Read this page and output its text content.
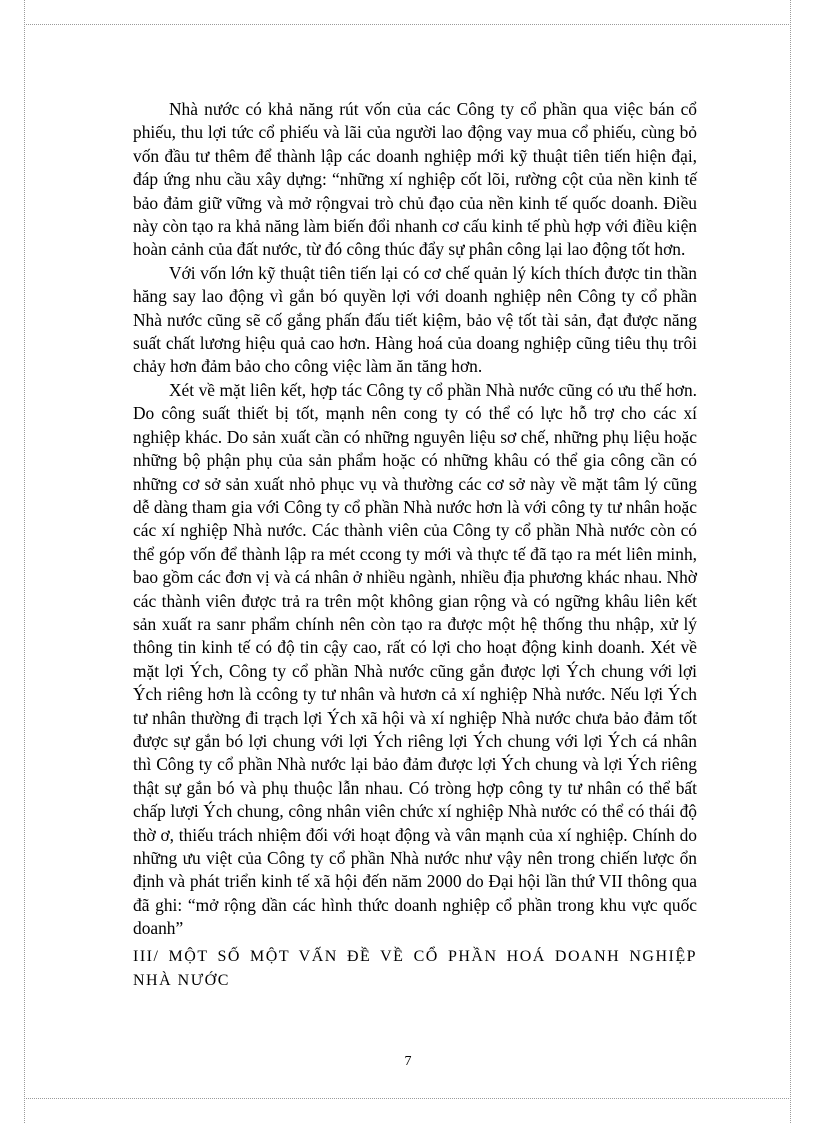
Nhà nước có khả năng rút vốn của các Công ty cổ phần qua việc bán cổ phiếu, thu lợi tức cổ phiếu và lãi của người lao động vay mua cổ phiếu, cùng bỏ vốn đầu tư thêm để thành lập các doanh nghiệp mới kỹ thuật tiên tiến hiện đại, đáp ứng nhu cầu xây dựng: “những xí nghiệp cốt lõi, rường cột của nền kinh tế bảo đảm giữ vững và mở rộngvai trò chủ đạo của nền kinh tế quốc doanh. Điều này còn tạo ra khả năng làm biến đổi nhanh cơ cấu kinh tế phù hợp với điều kiện hoàn cảnh của đất nước, từ đó công thúc đẩy sự phân công lại lao động tốt hơn.

Với vốn lớn kỹ thuật tiên tiến lại có cơ chế quản lý kích thích được tin thần hăng say lao động vì gắn bó quyền lợi với doanh nghiệp nên Công ty cổ phần Nhà nước cũng sẽ cố gắng phấn đấu tiết kiệm, bảo vệ tốt tài sản, đạt được năng suất chất lương hiệu quả cao hơn. Hàng hoá của doang nghiệp cũng tiêu thụ trôi chảy hơn đảm bảo cho công việc làm ăn tăng hơn.

Xét về mặt liên kết, hợp tác Công ty cổ phần Nhà nước cũng có ưu thế hơn. Do công suất thiết bị tốt, mạnh nên cong ty có thể có lực hỗ trợ cho các xí nghiệp khác. Do sản xuất cần có những nguyên liệu sơ chế, những phụ liệu hoặc những bộ phận phụ của sản phẩm hoặc có những khâu có thể gia công cần có những cơ sở sản xuất nhỏ phục vụ và thường các cơ sở này về mặt tâm lý cũng dễ dàng tham gia với Công ty cổ phần Nhà nước hơn là với công ty tư nhân hoặc các xí nghiệp Nhà nước. Các thành viên của Công ty cổ phần Nhà nước còn có thể góp vốn để thành lập ra mét ccong ty mới và thực tế đã tạo ra mét liên minh, bao gồm các đơn vị và cá nhân ở nhiều ngành, nhiều địa phương khác nhau. Nhờ các thành viên được trả ra trên một không gian rộng và có ngững khâu liên kết sản xuất ra sanr phẩm chính nên còn tạo ra được một hệ thống thu nhập, xử lý thông tin kinh tế có độ tin cậy cao, rất có lợi cho hoạt động kinh doanh. Xét về mặt lợi Ých, Công ty cổ phần Nhà nước cũng gắn được lợi Ých chung với lợi Ých riêng hơn là ccông ty tư nhân và hươn cả xí nghiệp Nhà nước. Nếu lợi Ých tư nhân thường đi trạch lợi Ých xã hội và xí nghiệp Nhà nước chưa bảo đảm tốt được sự gắn bó lợi chung với lợi Ých riêng lợi Ých chung với lợi Ých cá nhân thì Công ty cổ phần Nhà nước lại bảo đảm được lợi Ých chung và lợi Ých riêng thật sự gắn bó và phụ thuộc lẫn nhau. Có tròng hợp công ty tư nhân có thể bất chấp lượi Ých chung, công nhân viên chức xí nghiệp Nhà nước có thể có thái độ thờ ơ, thiếu trách nhiệm đối với hoạt động và vân mạnh của xí nghiệp. Chính do những ưu việt của Công ty cổ phần Nhà nước như vậy nên trong chiến lược ổn định và phát triển kinh tế xã hội đến năm 2000 do Đại hội lần thứ VII thông qua đã ghi: “mở rộng dần các hình thức doanh nghiệp cổ phần trong khu vực quốc doanh”

III/ MỘT SỐ MỘT VẤN ĐỀ VỀ CỔ PHẦN HOÁ DOANH NGHIỆP NHÀ NƯỚC

7
